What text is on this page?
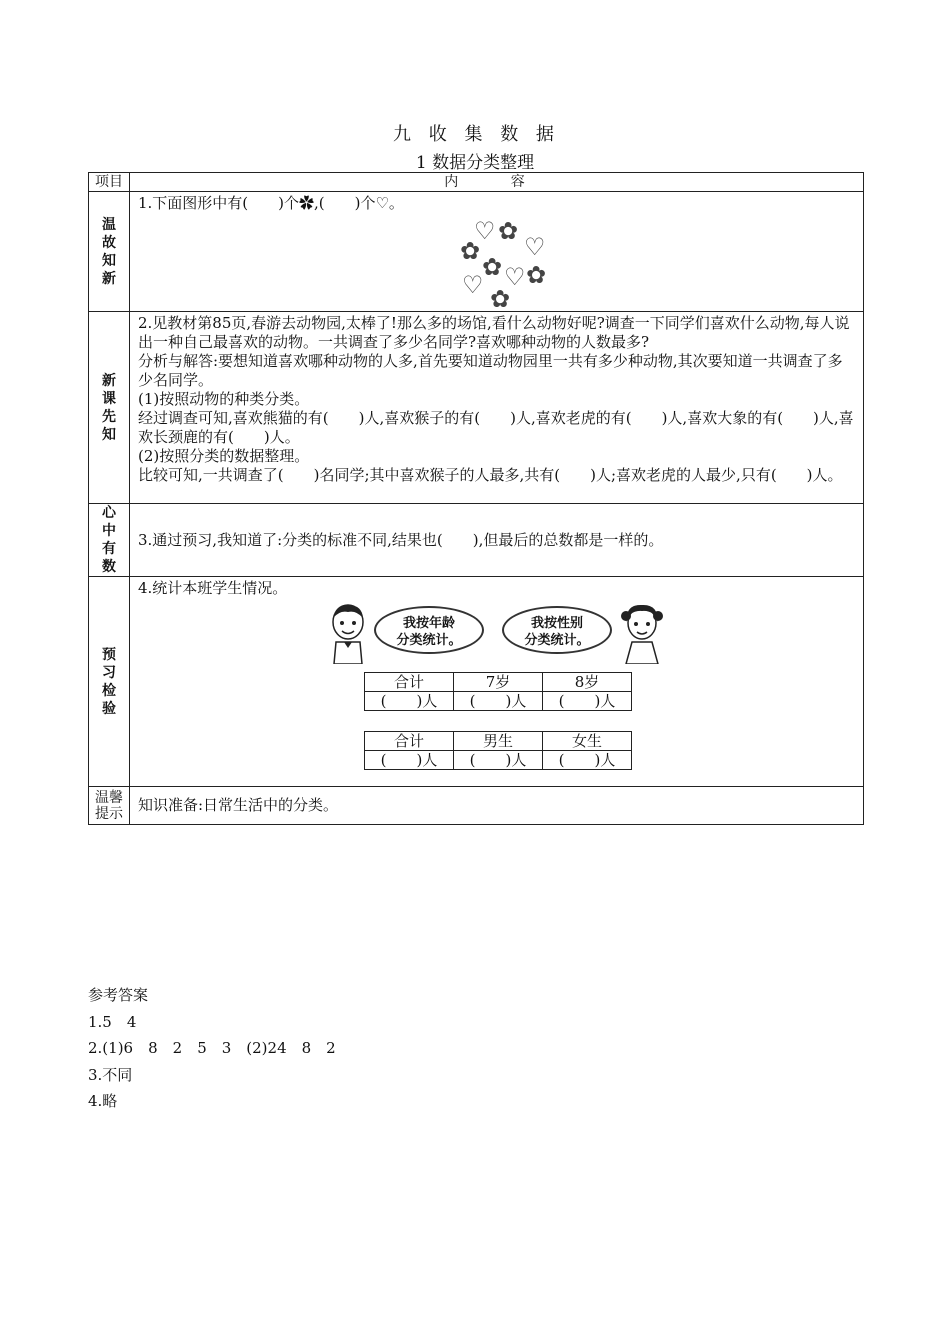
九 收 集 数 据
1 数据分类整理
项目	内 容

温
故
知
新

1.下面图形中有(　　)个✿,(　　)个♡。

♡ ✿
✿ ♡
✿ ♡
♡ ✿
✿

新
课
先
知

2.见教材第85页,春游去动物园,太棒了!那么多的场馆,看什么动物好呢?调查一下同学们喜欢什么动物,每人说出一种自己最喜欢的动物。一共调查了多少名同学?喜欢哪种动物的人数最多?

分析与解答:要想知道喜欢哪种动物的人多,首先要知道动物园里一共有多少种动物,其次要知道一共调查了多少名同学。

(1)按照动物的种类分类。

经过调查可知,喜欢熊猫的有(　　)人,喜欢猴子的有(　　)人,喜欢老虎的有(　　)人,喜欢大象的有(　　)人,喜欢长颈鹿的有(　　)人。

(2)按照分类的数据整理。

比较可知,一共调查了(　　)名同学;其中喜欢猴子的人最多,共有(　　)人;喜欢老虎的人最少,只有(　　)人。

心
中
有
数

3.通过预习,我知道了:分类的标准不同,结果也(　　),但最后的总数都是一样的。

预
习
检
验

4.统计本班学生情况。

我按年龄
分类统计。
我按性别
分类统计。
合计	7岁	8岁
(　　)人	(　　)人	(　　)人
合计	男生	女生
(　　)人	(　　)人	(　　)人

温馨
提示	知识准备:日常生活中的分类。

参考答案
1.5　4
2.(1)6　8　2　5　3　(2)24　8　2
3.不同
4.略
